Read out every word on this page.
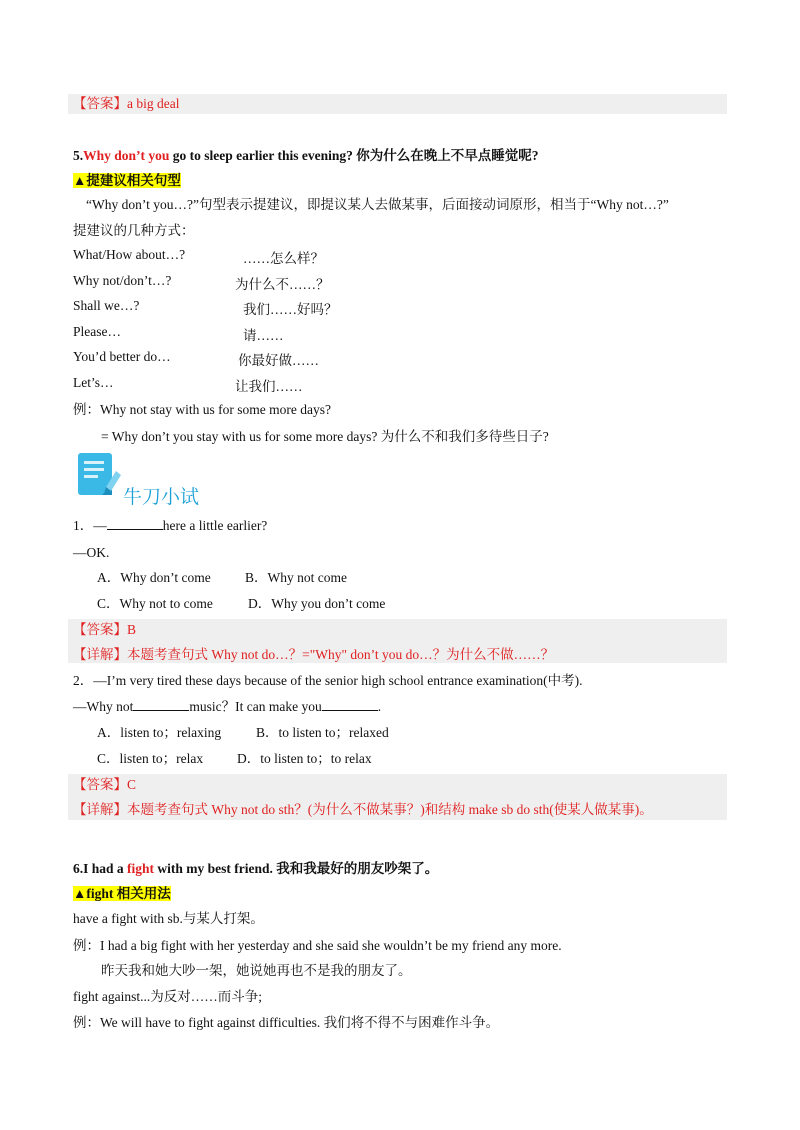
【答案】a big deal
5.Why don’t you go to sleep earlier this evening? 你为什么在晚上不早点睡觉呢?
▲提建议相关句型
“Why don’t you…?”句型表示提建议，即提议某人去做某事，后面接动词原形，相当于“Why not…?”
提建议的几种方式：
What/How about…?	……怎么样？
Why not/don’t…?	为什么不……？
Shall we…?	我们……好吗？
Please…	请……
You’d better do…	你最好做……
Let’s…	让我们……
例：Why not stay with us for some more days?
= Why don’t you stay with us for some more days? 为什么不和我们多待些日子?
牛刀小试
1．—	here a little earlier?
—OK.
A．Why don’t come	B．Why not come
C．Why not to come	D．Why you don’t come
【答案】B
【详解】本题考查句式 Why not do…？="Why" don’t you do…？为什么不做……？
2．—I’m very tired these days because of the senior high school entrance examination(中考).
—Why not	music？It can make you	.
A．listen to；relaxing	B．to listen to；relaxed
C．listen to；relax	D．to listen to；to relax
【答案】C
【详解】本题考查句式 Why not do sth？(为什么不做某事？)和结构 make sb do sth(使某人做某事)。
6.I had a fight with my best friend. 我和我最好的朋友吵架了。
▲fight 相关用法
have a fight with sb.与某人打架。
例：I had a big fight with her yesterday and she said she wouldn’t be my friend any more.
昨天我和她大吵一架，她说她再也不是我的朋友了。
fight against...为反对……而斗争;
例：We will have to fight against difficulties. 我们将不得不与困难作斗争。
